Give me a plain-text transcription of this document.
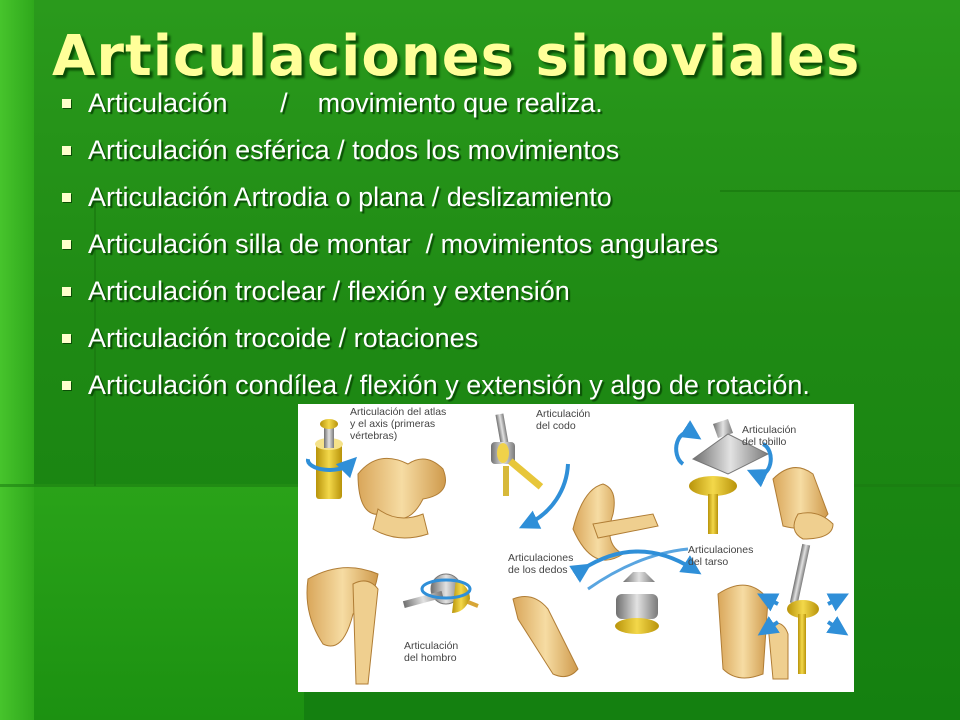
Articulaciones sinoviales
Articulación       /    movimiento que realiza.
Articulación esférica / todos los movimientos
Articulación Artrodia o plana / deslizamiento
Articulación silla de montar  / movimientos angulares
Articulación troclear / flexión y extensión
Articulación trocoide / rotaciones
Articulación condílea / flexión y extensión y algo de rotación.
Articulación del atlas
y el axis (primeras
vértebras)
Articulación
del codo	Articulación
del tobillo
Articulaciones
de los dedos
Articulaciones
del tarso
Articulación
del hombro
